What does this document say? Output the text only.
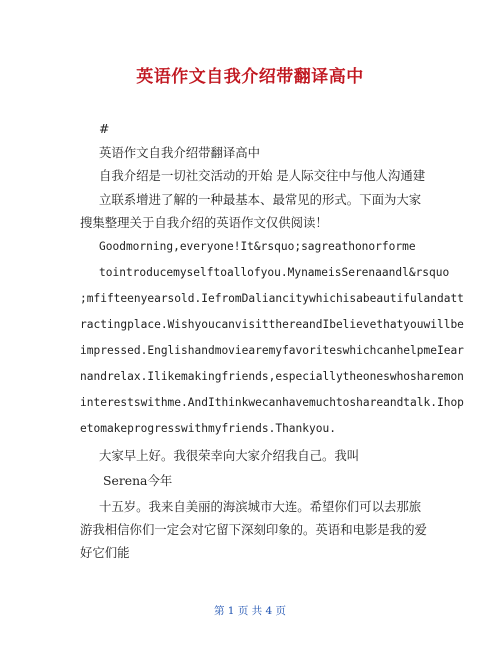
英语作文自我介绍带翻译高中

#

英语作文自我介绍带翻译高中

自我介绍是一切社交活动的开始 是人际交往中与他人沟通建

立联系增进了解的一种最基本、最常见的形式。下面为大家

搜集整理关于自我介绍的英语作文仅供阅读！

Goodmorning,everyone!It&rsquo;sagreathonorforme

tointroducemyselftoallofyou.MynameisSerenaandl&rsquo

;mfifteenyearsold.IefromDaliancitywhichisabeautifulandatt

ractingplace.WishyoucanvisitthereandIbelievethatyouwillbe

impressed.EnglishandmoviearemyfavoriteswhichcanhelpmeIear

nandrelax.Ilikemakingfriends,especiallytheoneswhosharemon

interestswithme.AndIthinkwecanhavemuchtoshareandtalk.Ihop

etomakeprogresswithmyfriends.Thankyou.

大家早上好。我很荣幸向大家介绍我自己。我叫

Serena今年

十五岁。我来自美丽的海滨城市大连。希望你们可以去那旅

游我相信你们一定会对它留下深刻印象的。英语和电影是我的爱

好它们能

第 1 页 共 4 页
